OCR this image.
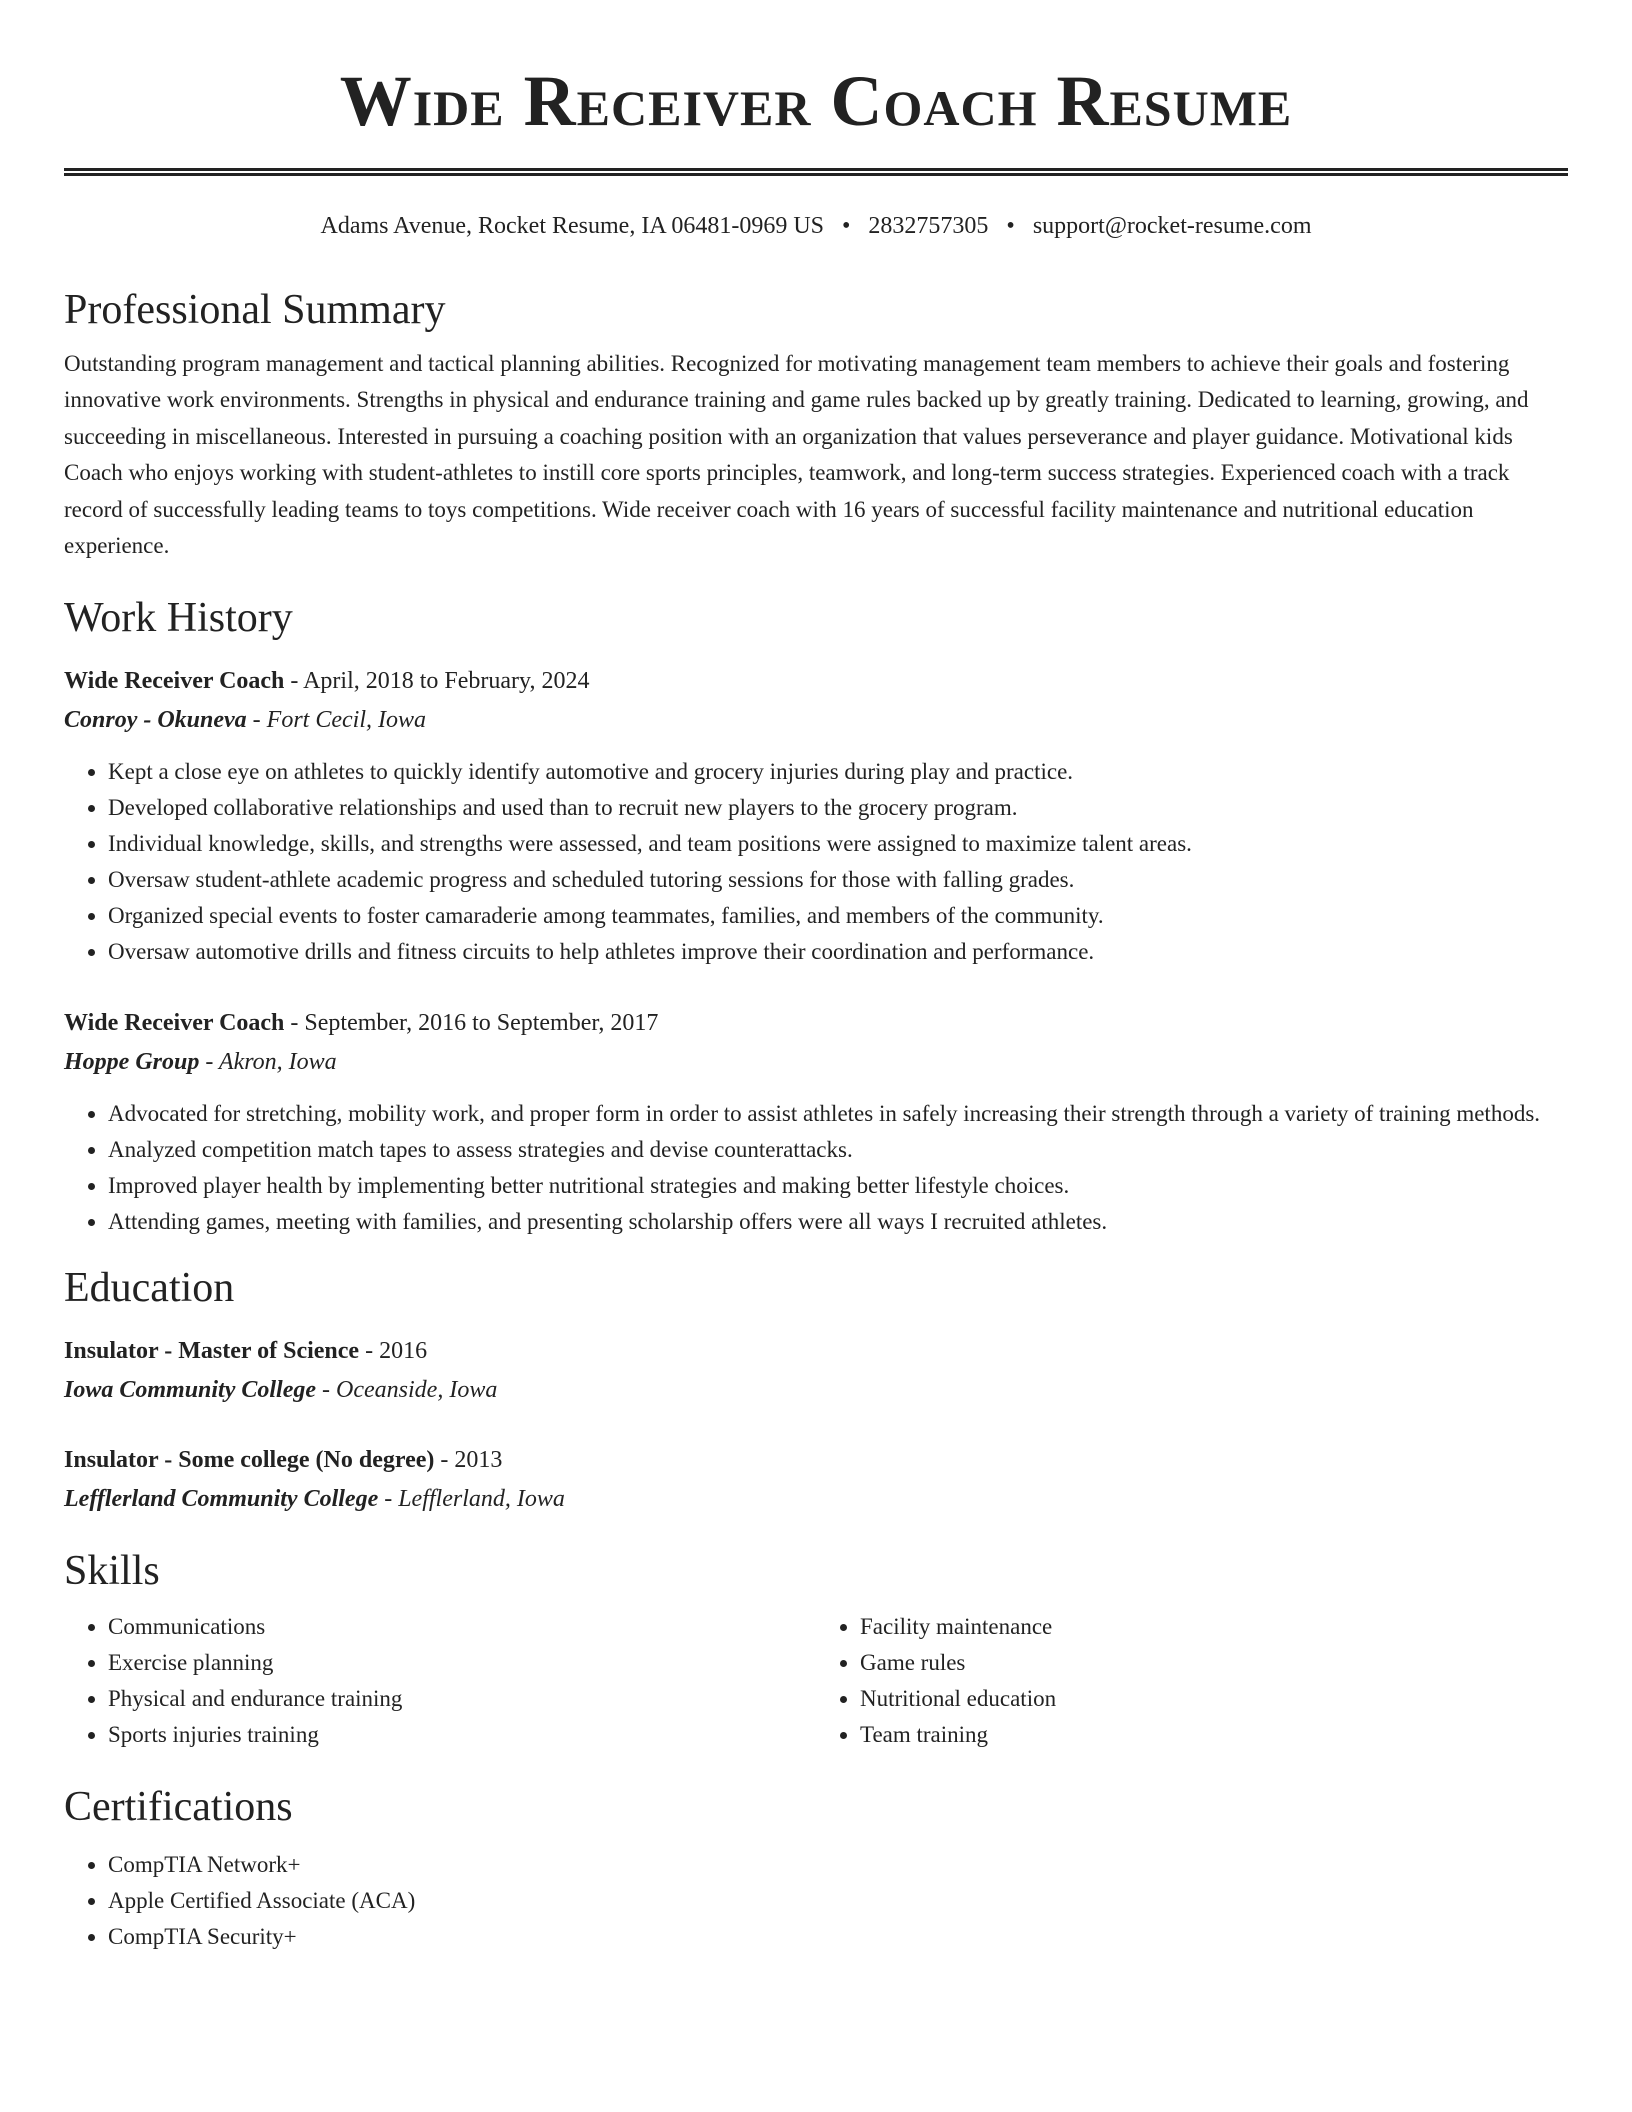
Wide Receiver Coach Resume
Adams Avenue, Rocket Resume, IA 06481-0969 US • 2832757305 • support@rocket-resume.com
Professional Summary

Outstanding program management and tactical planning abilities. Recognized for motivating management team members to achieve their goals and fostering innovative work environments. Strengths in physical and endurance training and game rules backed up by greatly training. Dedicated to learning, growing, and succeeding in miscellaneous. Interested in pursuing a coaching position with an organization that values perseverance and player guidance. Motivational kids Coach who enjoys working with student-athletes to instill core sports principles, teamwork, and long-term success strategies. Experienced coach with a track record of successfully leading teams to toys competitions. Wide receiver coach with 16 years of successful facility maintenance and nutritional education experience.

Work History
Wide Receiver Coach - April, 2018 to February, 2024
Conroy - Okuneva - Fort Cecil, Iowa
• Kept a close eye on athletes to quickly identify automotive and grocery injuries during play and practice.
• Developed collaborative relationships and used than to recruit new players to the grocery program.
• Individual knowledge, skills, and strengths were assessed, and team positions were assigned to maximize talent areas.
• Oversaw student-athlete academic progress and scheduled tutoring sessions for those with falling grades.
• Organized special events to foster camaraderie among teammates, families, and members of the community.
• Oversaw automotive drills and fitness circuits to help athletes improve their coordination and performance.
Wide Receiver Coach - September, 2016 to September, 2017
Hoppe Group - Akron, Iowa
• Advocated for stretching, mobility work, and proper form in order to assist athletes in safely increasing their strength through a variety of training methods.
• Analyzed competition match tapes to assess strategies and devise counterattacks.
• Improved player health by implementing better nutritional strategies and making better lifestyle choices.
• Attending games, meeting with families, and presenting scholarship offers were all ways I recruited athletes.
Education
Insulator - Master of Science - 2016
Iowa Community College - Oceanside, Iowa
Insulator - Some college (No degree) - 2013
Lefflerland Community College - Lefflerland, Iowa
Skills
• Communications
• Exercise planning
• Physical and endurance training
• Sports injuries training
• Facility maintenance
• Game rules
• Nutritional education
• Team training
Certifications
• CompTIA Network+
• Apple Certified Associate (ACA)
• CompTIA Security+
